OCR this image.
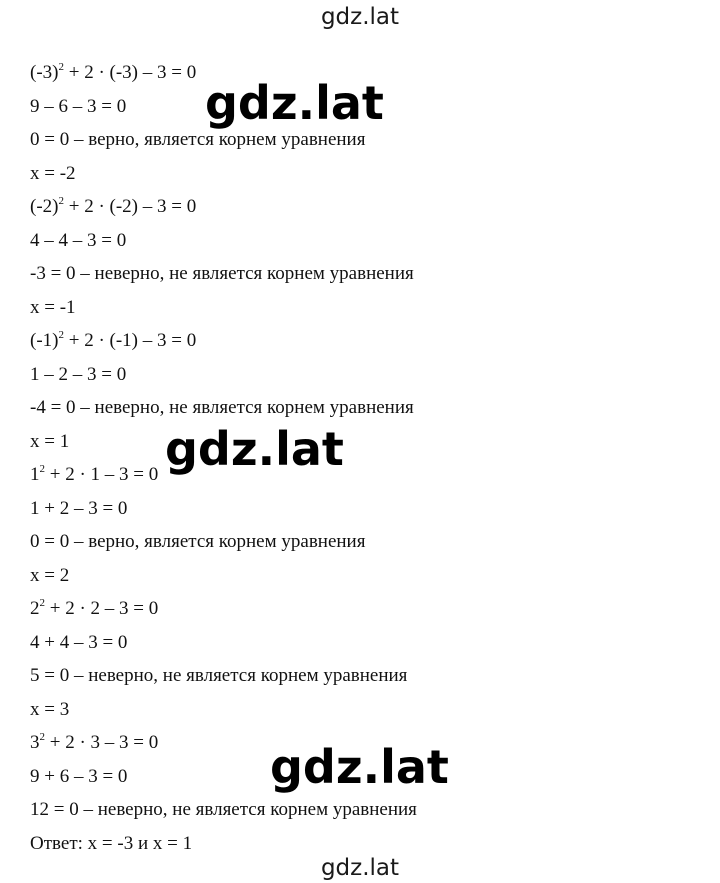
gdz.lat
$(-3)^2 + 2 \cdot (-3) - 3 = 0$
9 – 6 – 3 = 0
0 = 0 – верно, является корнем уравнения
x = -2
$(-2)^2 + 2 \cdot (-2) - 3 = 0$
4 – 4 – 3 = 0
-3 = 0 – неверно, не является корнем уравнения
x = -1
$(-1)^2 + 2 \cdot (-1) - 3 = 0$
1 – 2 – 3 = 0
-4 = 0 – неверно, не является корнем уравнения
x = 1
$1^2 + 2 \cdot 1 - 3 = 0$
1 + 2 – 3 = 0
0 = 0 – верно, является корнем уравнения
x = 2
$2^2 + 2 \cdot 2 - 3 = 0$
4 + 4 – 3 = 0
5 = 0 – неверно, не является корнем уравнения
x = 3
$3^2 + 2 \cdot 3 - 3 = 0$
9 + 6 – 3 = 0
12 = 0 – неверно, не является корнем уравнения
Ответ: x = -3 и x = 1
gdz.lat
gdz.lat
gdz.lat
gdz.lat
